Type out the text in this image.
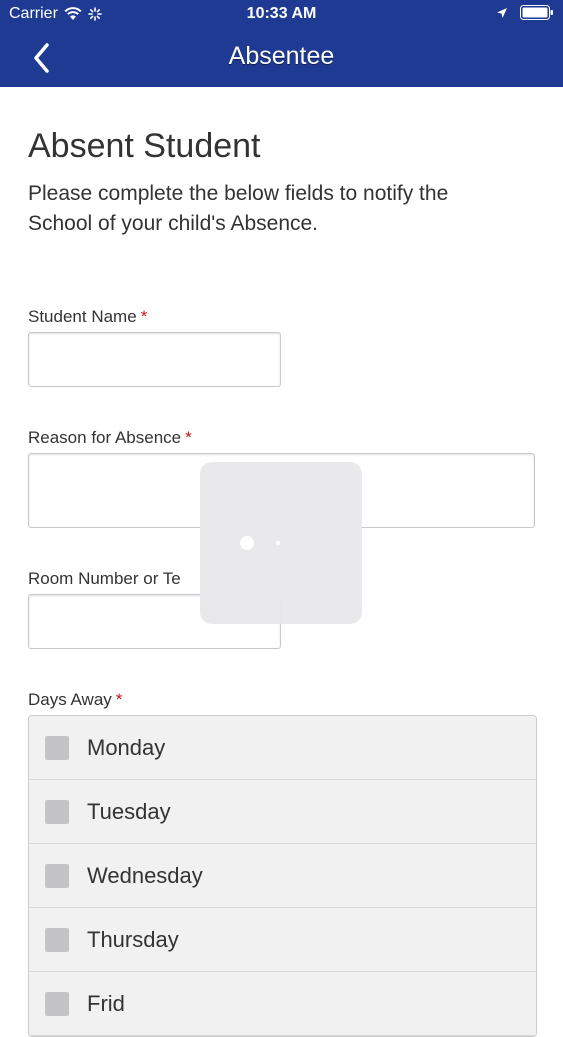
Carrier	10:33 AM
Absentee
Absent Student
Please complete the below fields to notify the School of your child's Absence.
Student Name *
Reason for Absence *
Room Number or Te
Days Away *
Monday
Tuesday
Wednesday
Thursday
Frid
